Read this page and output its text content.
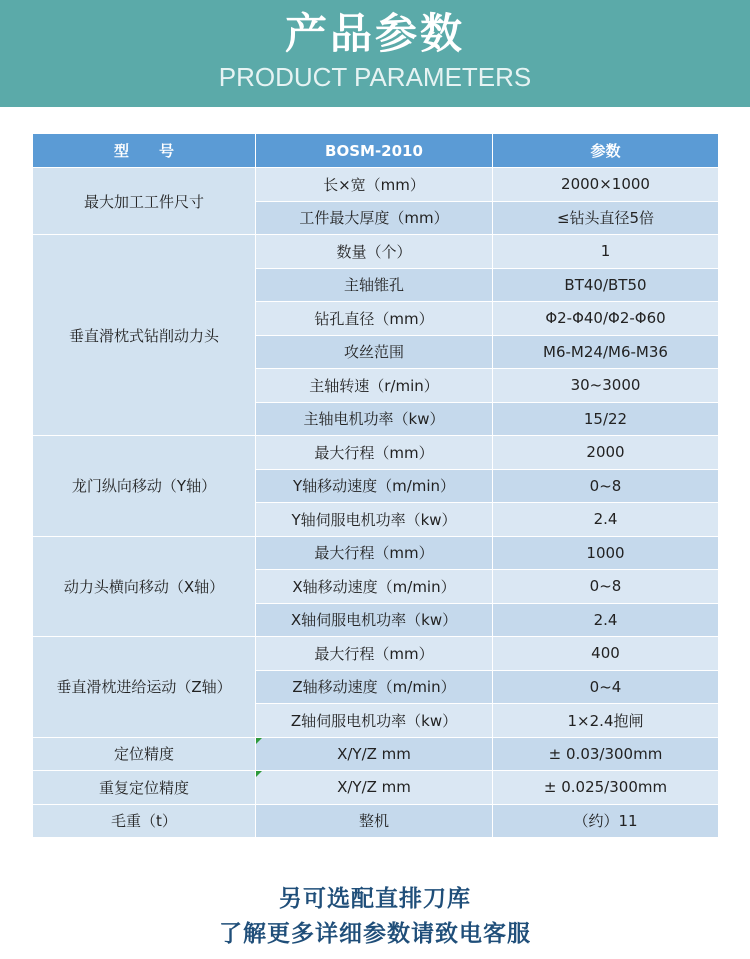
产品参数
PRODUCT PARAMETERS
型　　号	BOSM-2010	参数
最大加工工件尺寸	长×宽（mm）	2000×1000
	工件最大厚度（mm）	≤钻头直径5倍
垂直滑枕式钻削动力头	数量（个）	1
	主轴锥孔	BT40/BT50
	钻孔直径（mm）	Φ2-Φ40/Φ2-Φ60
	攻丝范围	M6-M24/M6-M36
	主轴转速（r/min）	30~3000
	主轴电机功率（kw）	15/22
龙门纵向移动（Y轴）	最大行程（mm）	2000
	Y轴移动速度（m/min）	0~8
	Y轴伺服电机功率（kw）	2.4
动力头横向移动（X轴）	最大行程（mm）	1000
	X轴移动速度（m/min）	0~8
	X轴伺服电机功率（kw）	2.4
垂直滑枕进给运动（Z轴）	最大行程（mm）	400
	Z轴移动速度（m/min）	0~4
	Z轴伺服电机功率（kw）	1×2.4抱闸
定位精度	X/Y/Z mm	± 0.03/300mm
重复定位精度	X/Y/Z mm	± 0.025/300mm
毛重（t）	整机	（约）11
另可选配直排刀库
了解更多详细参数请致电客服
